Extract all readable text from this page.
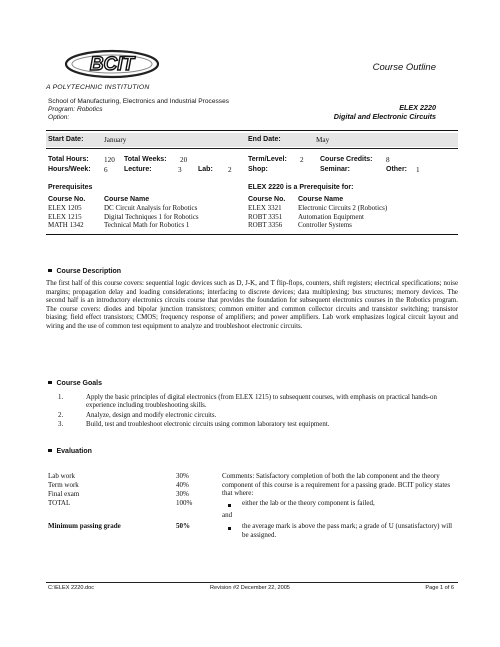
BCIT
A POLYTECHNIC INSTITUTION
Course Outline
School of Manufacturing, Electronics and Industrial Processes
Program: Robotics
Option:
ELEX 2220
Digital and Electronic Circuits
Start Date:	January	End Date:	May
Total Hours: 120 Total Weeks: 20	Term/Level: 2 Course Credits: 8
Hours/Week: 6 Lecture:	3 Lab: 2 Shop:	Seminar:	Other: 1
Prerequisites
Course No.	Course Name
ELEX 1205	DC Circuit Analysis for Robotics
ELEX 1215	Digital Techniques 1 for Robotics
MATH 1342	Technical Math for Robotics 1
ELEX 2220 is a Prerequisite for:
Course No.	Course Name
ELEX 3321	Electronic Circuits 2 (Robotics)
ROBT 3351	Automation Equipment
ROBT 3356	Controller Systems
Course Description
The first half of this course covers: sequential logic devices such as D, J-K, and T flip-flops, counters, shift registers; electrical specifications; noise margins; propagation delay and loading considerations; interfacing to discrete devices; data multiplexing; bus structures; memory devices. The second half is an introductory electronics circuits course that provides the foundation for subsequent electronics courses in the Robotics program. The course covers: diodes and bipolar junction transistors; common emitter and common collector circuits and transistor switching; transistor biasing; field effect transistors; CMOS; frequency response of amplifiers; and power amplifiers. Lab work emphasizes logical circuit layout and wiring and the use of common test equipment to analyze and troubleshoot electronic circuits.
Course Goals
1.	Apply the basic principles of digital electronics (from ELEX 1215) to subsequent courses, with emphasis on practical hands-on experience including troubleshooting skills.
2.	Analyze, design and modify electronic circuits.
3.	Build, test and troubleshoot electronic circuits using common laboratory test equipment.
Evaluation
Lab work	30%
Term work	40%
Final exam	30%
TOTAL	100%
Minimum passing grade	50%
Comments: Satisfactory completion of both the lab component and the theory component of this course is a requirement for a passing grade. BCIT policy states that where:
either the lab or the theory component is failed,
and
the average mark is above the pass mark; a grade of U (unsatisfactory) will be assigned.
C:\ELEX 2220.doc	Revision #2 December 22, 2005	Page 1 of 6
